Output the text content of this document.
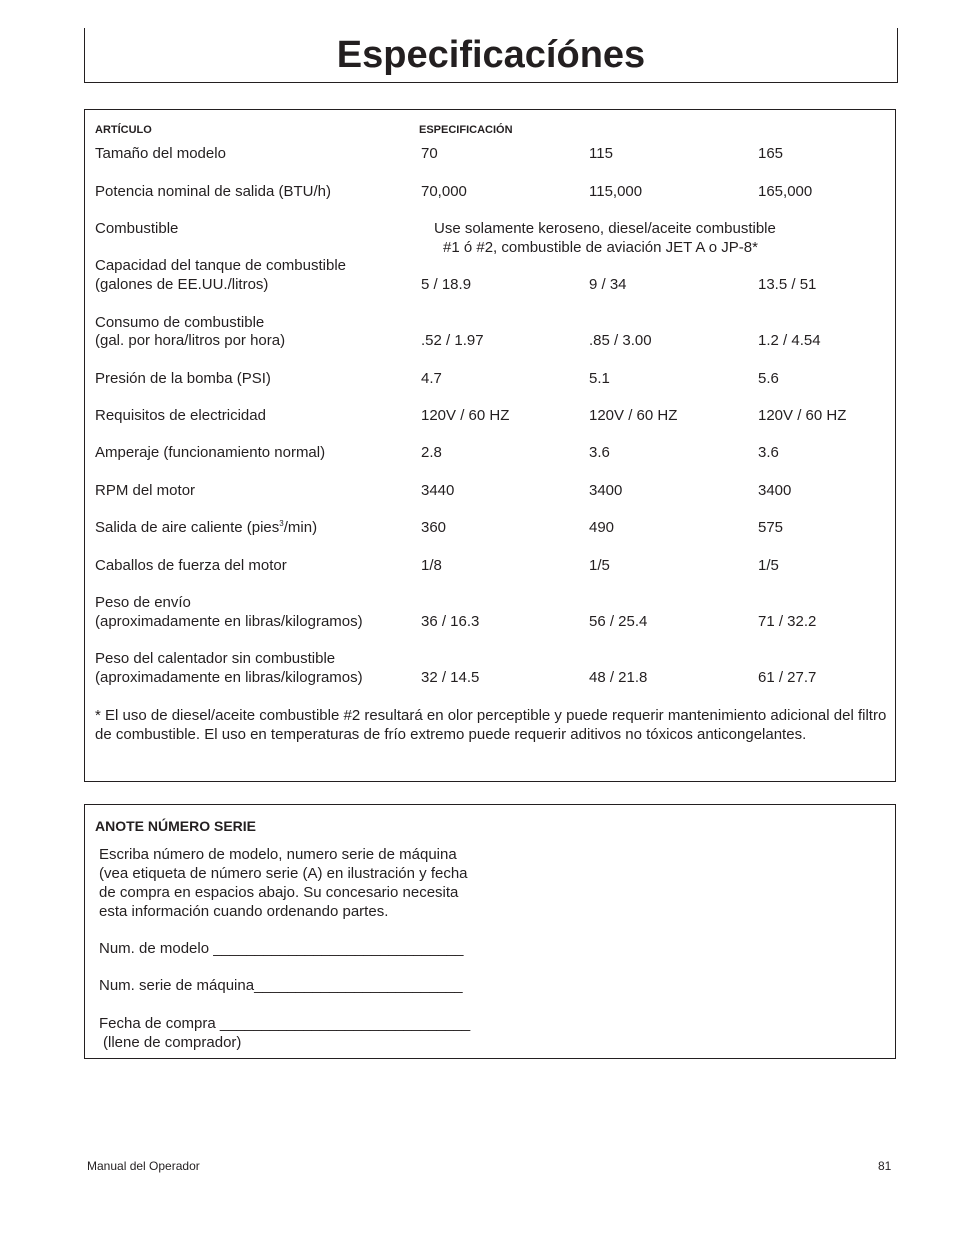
Especificacíónes
ARTÍCULO	ESPECIFICACIÓN
Tamaño del modelo	70	115	165
Potencia nominal de salida (BTU/h)	70,000	115,000	165,000
Combustible	Use solamente keroseno, diesel/aceite combustible
#1 ó #2, combustible de aviación JET A o JP-8*
Capacidad del tanque de combustible
(galones de EE.UU./litros)	5 / 18.9	9 / 34	13.5 / 51
Consumo de combustible
(gal. por hora/litros por hora)	.52 / 1.97	.85 / 3.00	1.2 / 4.54
Presión de la bomba (PSI)	4.7	5.1	5.6
Requisitos de electricidad	120V / 60 HZ	120V / 60 HZ	120V / 60 HZ
Amperaje (funcionamiento normal)	2.8	3.6	3.6
RPM del motor	3440	3400	3400
Salida de aire caliente (pies$^3$/min)	360	490	575
Caballos de fuerza del motor	1/8	1/5	1/5
Peso de envío
(aproximadamente en libras/kilogramos)	36 / 16.3	56 / 25.4	71 / 32.2
Peso del calentador sin combustible
(aproximadamente en libras/kilogramos)	32 / 14.5	48 / 21.8	61 / 27.7
* El uso de diesel/aceite combustible #2 resultará en olor perceptible y puede requerir mantenimiento adicional del filtro de combustible. El uso en temperaturas de frío extremo puede requerir aditivos no tóxicos anticongelantes.
ANOTE NÚMERO SERIE
Escriba número de modelo, numero serie de máquina
(vea etiqueta de número serie (A) en ilustración y fecha
de compra en espacios abajo. Su concesario necesita
esta información cuando ordenando partes.
Num. de modelo ______________________________
Num. serie de máquina_________________________
Fecha de compra ______________________________
(llene de comprador)
Manual del Operador	81
